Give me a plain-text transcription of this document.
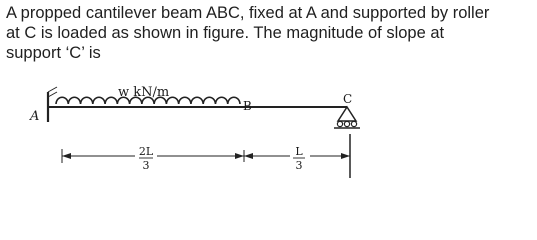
A propped cantilever beam ABC, fixed at A and supported by roller
at C is loaded as shown in figure. The magnitude of slope at
support ‘C’ is
A
B	C
w kN/m
2L
3
L
3
